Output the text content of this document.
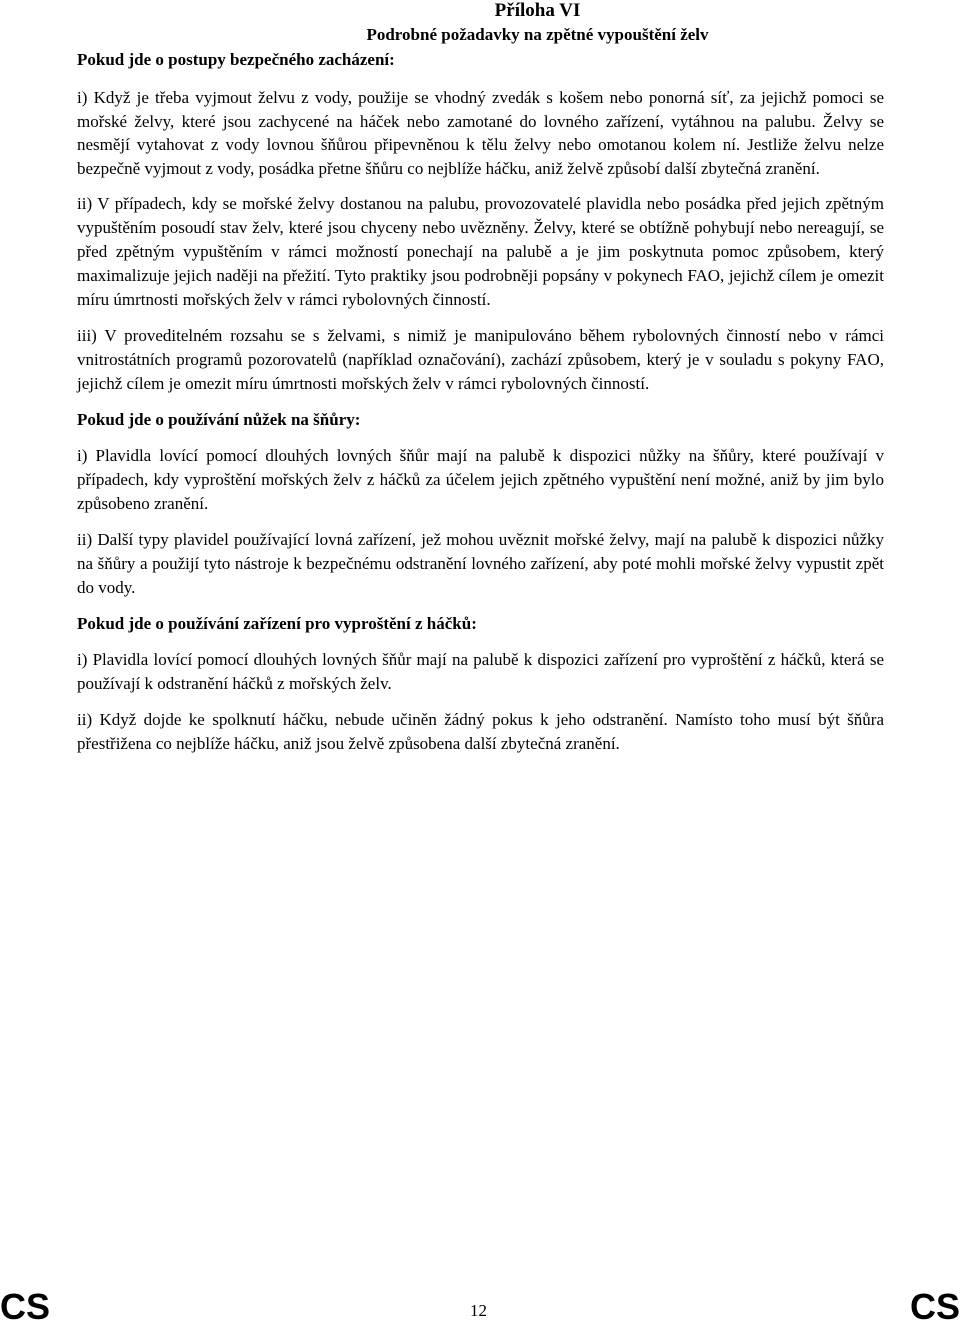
Příloha VI
Podrobné požadavky na zpětné vypouštění želv
Pokud jde o postupy bezpečného zacházení:

i) Když je třeba vyjmout želvu z vody, použije se vhodný zvedák s košem nebo ponorná síť, za jejichž pomoci se mořské želvy, které jsou zachycené na háček nebo zamotané do lovného zařízení, vytáhnou na palubu. Želvy se nesmějí vytahovat z vody lovnou šňůrou připevněnou k tělu želvy nebo omotanou kolem ní. Jestliže želvu nelze bezpečně vyjmout z vody, posádka přetne šňůru co nejblíže háčku, aniž želvě způsobí další zbytečná zranění.

ii) V případech, kdy se mořské želvy dostanou na palubu, provozovatelé plavidla nebo posádka před jejich zpětným vypuštěním posoudí stav želv, které jsou chyceny nebo uvězněny. Želvy, které se obtížně pohybují nebo nereagují, se před zpětným vypuštěním v rámci možností ponechají na palubě a je jim poskytnuta pomoc způsobem, který maximalizuje jejich naději na přežití. Tyto praktiky jsou podrobněji popsány v pokynech FAO, jejichž cílem je omezit míru úmrtnosti mořských želv v rámci rybolovných činností.

iii) V proveditelném rozsahu se s želvami, s nimiž je manipulováno během rybolovných činností nebo v rámci vnitrostátních programů pozorovatelů (například označování), zachází způsobem, který je v souladu s pokyny FAO, jejichž cílem je omezit míru úmrtnosti mořských želv v rámci rybolovných činností.

Pokud jde o používání nůžek na šňůry:

i) Plavidla lovící pomocí dlouhých lovných šňůr mají na palubě k dispozici nůžky na šňůry, které používají v případech, kdy vyproštění mořských želv z háčků za účelem jejich zpětného vypuštění není možné, aniž by jim bylo způsobeno zranění.

ii) Další typy plavidel používající lovná zařízení, jež mohou uvěznit mořské želvy, mají na palubě k dispozici nůžky na šňůry a použijí tyto nástroje k bezpečnému odstranění lovného zařízení, aby poté mohli mořské želvy vypustit zpět do vody.

Pokud jde o používání zařízení pro vyproštění z háčků:

i) Plavidla lovící pomocí dlouhých lovných šňůr mají na palubě k dispozici zařízení pro vyproštění z háčků, která se používají k odstranění háčků z mořských želv.

ii) Když dojde ke spolknutí háčku, nebude učiněn žádný pokus k jeho odstranění. Namísto toho musí být šňůra přestřižena co nejblíže háčku, aniž jsou želvě způsobena další zbytečná zranění.

CS	12	CS
